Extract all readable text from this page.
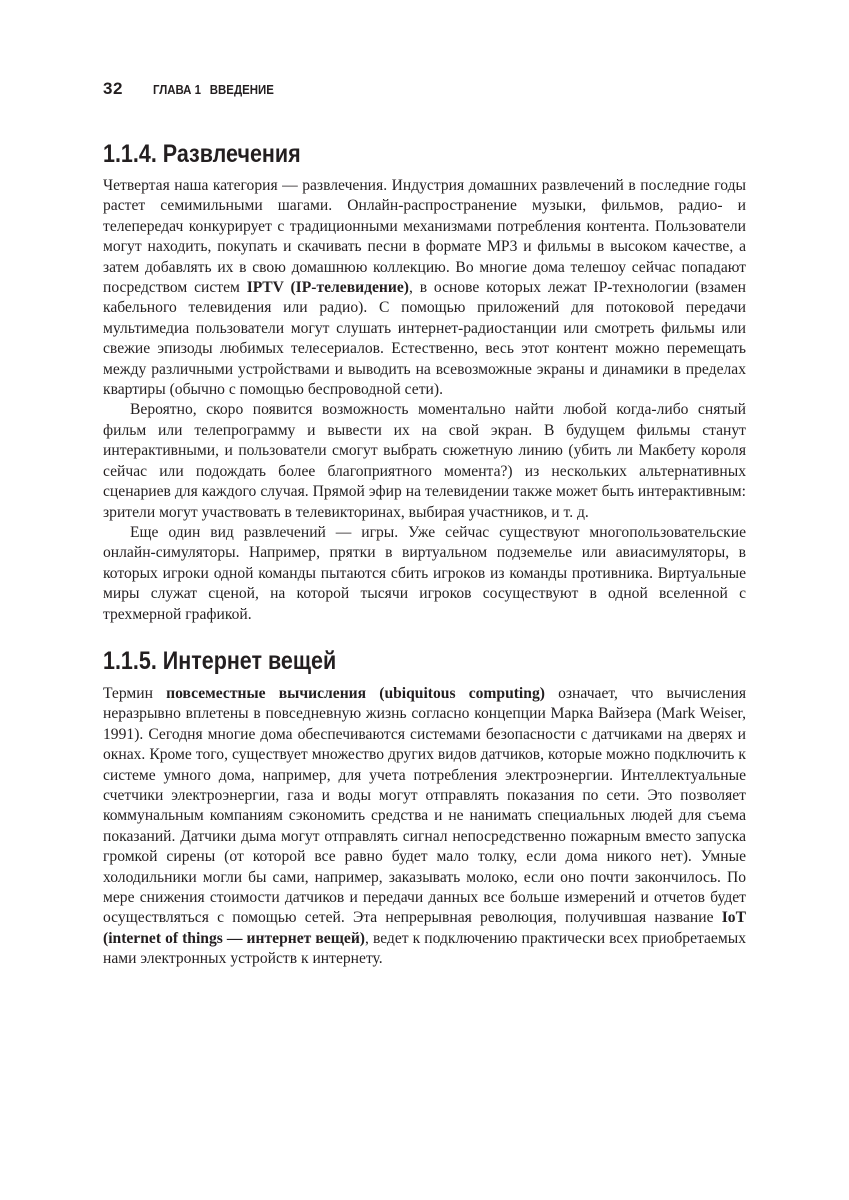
32 ГЛАВА 1 ВВЕДЕНИЕ
1.1.4. Развлечения

Четвертая наша категория — развлечения. Индустрия домашних развлечений в последние годы растет семимильными шагами. Онлайн-распространение музыки, фильмов, радио- и телепередач конкурирует с традиционными механизмами потребления контента. Пользователи могут находить, покупать и скачивать песни в формате MP3 и фильмы в высоком качестве, а затем добавлять их в свою домашнюю коллекцию. Во многие дома телешоу сейчас попадают посредством систем IPTV (IP-телевидение), в основе которых лежат IP-технологии (взамен кабельного телевидения или радио). С помощью приложений для потоковой передачи мультимедиа пользователи могут слушать интернет-радиостанции или смотреть фильмы или свежие эпизоды любимых телесериалов. Естественно, весь этот контент можно перемещать между различными устройствами и выводить на всевозможные экраны и динамики в пределах квартиры (обычно с помощью беспроводной сети).

Вероятно, скоро появится возможность моментально найти любой когда-либо снятый фильм или телепрограмму и вывести их на свой экран. В будущем фильмы станут интерактивными, и пользователи смогут выбрать сюжетную линию (убить ли Макбету короля сейчас или подождать более благоприятного момента?) из нескольких альтернативных сценариев для каждого случая. Прямой эфир на телевидении также может быть интерактивным: зрители могут участвовать в телевикторинах, выбирая участников, и т. д.

Еще один вид развлечений — игры. Уже сейчас существуют многопользовательские онлайн-симуляторы. Например, прятки в виртуальном подземелье или авиасимуляторы, в которых игроки одной команды пытаются сбить игроков из команды противника. Виртуальные миры служат сценой, на которой тысячи игроков сосуществуют в одной вселенной с трехмерной графикой.

1.1.5. Интернет вещей

Термин повсеместные вычисления (ubiquitous computing) означает, что вычисления неразрывно вплетены в повседневную жизнь согласно концепции Марка Вайзера (Mark Weiser, 1991). Сегодня многие дома обеспечиваются системами безопасности с датчиками на дверях и окнах. Кроме того, существует множество других видов датчиков, которые можно подключить к системе умного дома, например, для учета потребления электроэнергии. Интеллектуальные счетчики электроэнергии, газа и воды могут отправлять показания по сети. Это позволяет коммунальным компаниям сэкономить средства и не нанимать специальных людей для съема показаний. Датчики дыма могут отправлять сигнал непосредственно пожарным вместо запуска громкой сирены (от которой все равно будет мало толку, если дома никого нет). Умные холодильники могли бы сами, например, заказывать молоко, если оно почти закончилось. По мере снижения стоимости датчиков и передачи данных все больше измерений и отчетов будет осуществляться с помощью сетей. Эта непрерывная революция, получившая название IoT (internet of things — интернет вещей), ведет к подключению практически всех приобретаемых нами электронных устройств к интернету.
